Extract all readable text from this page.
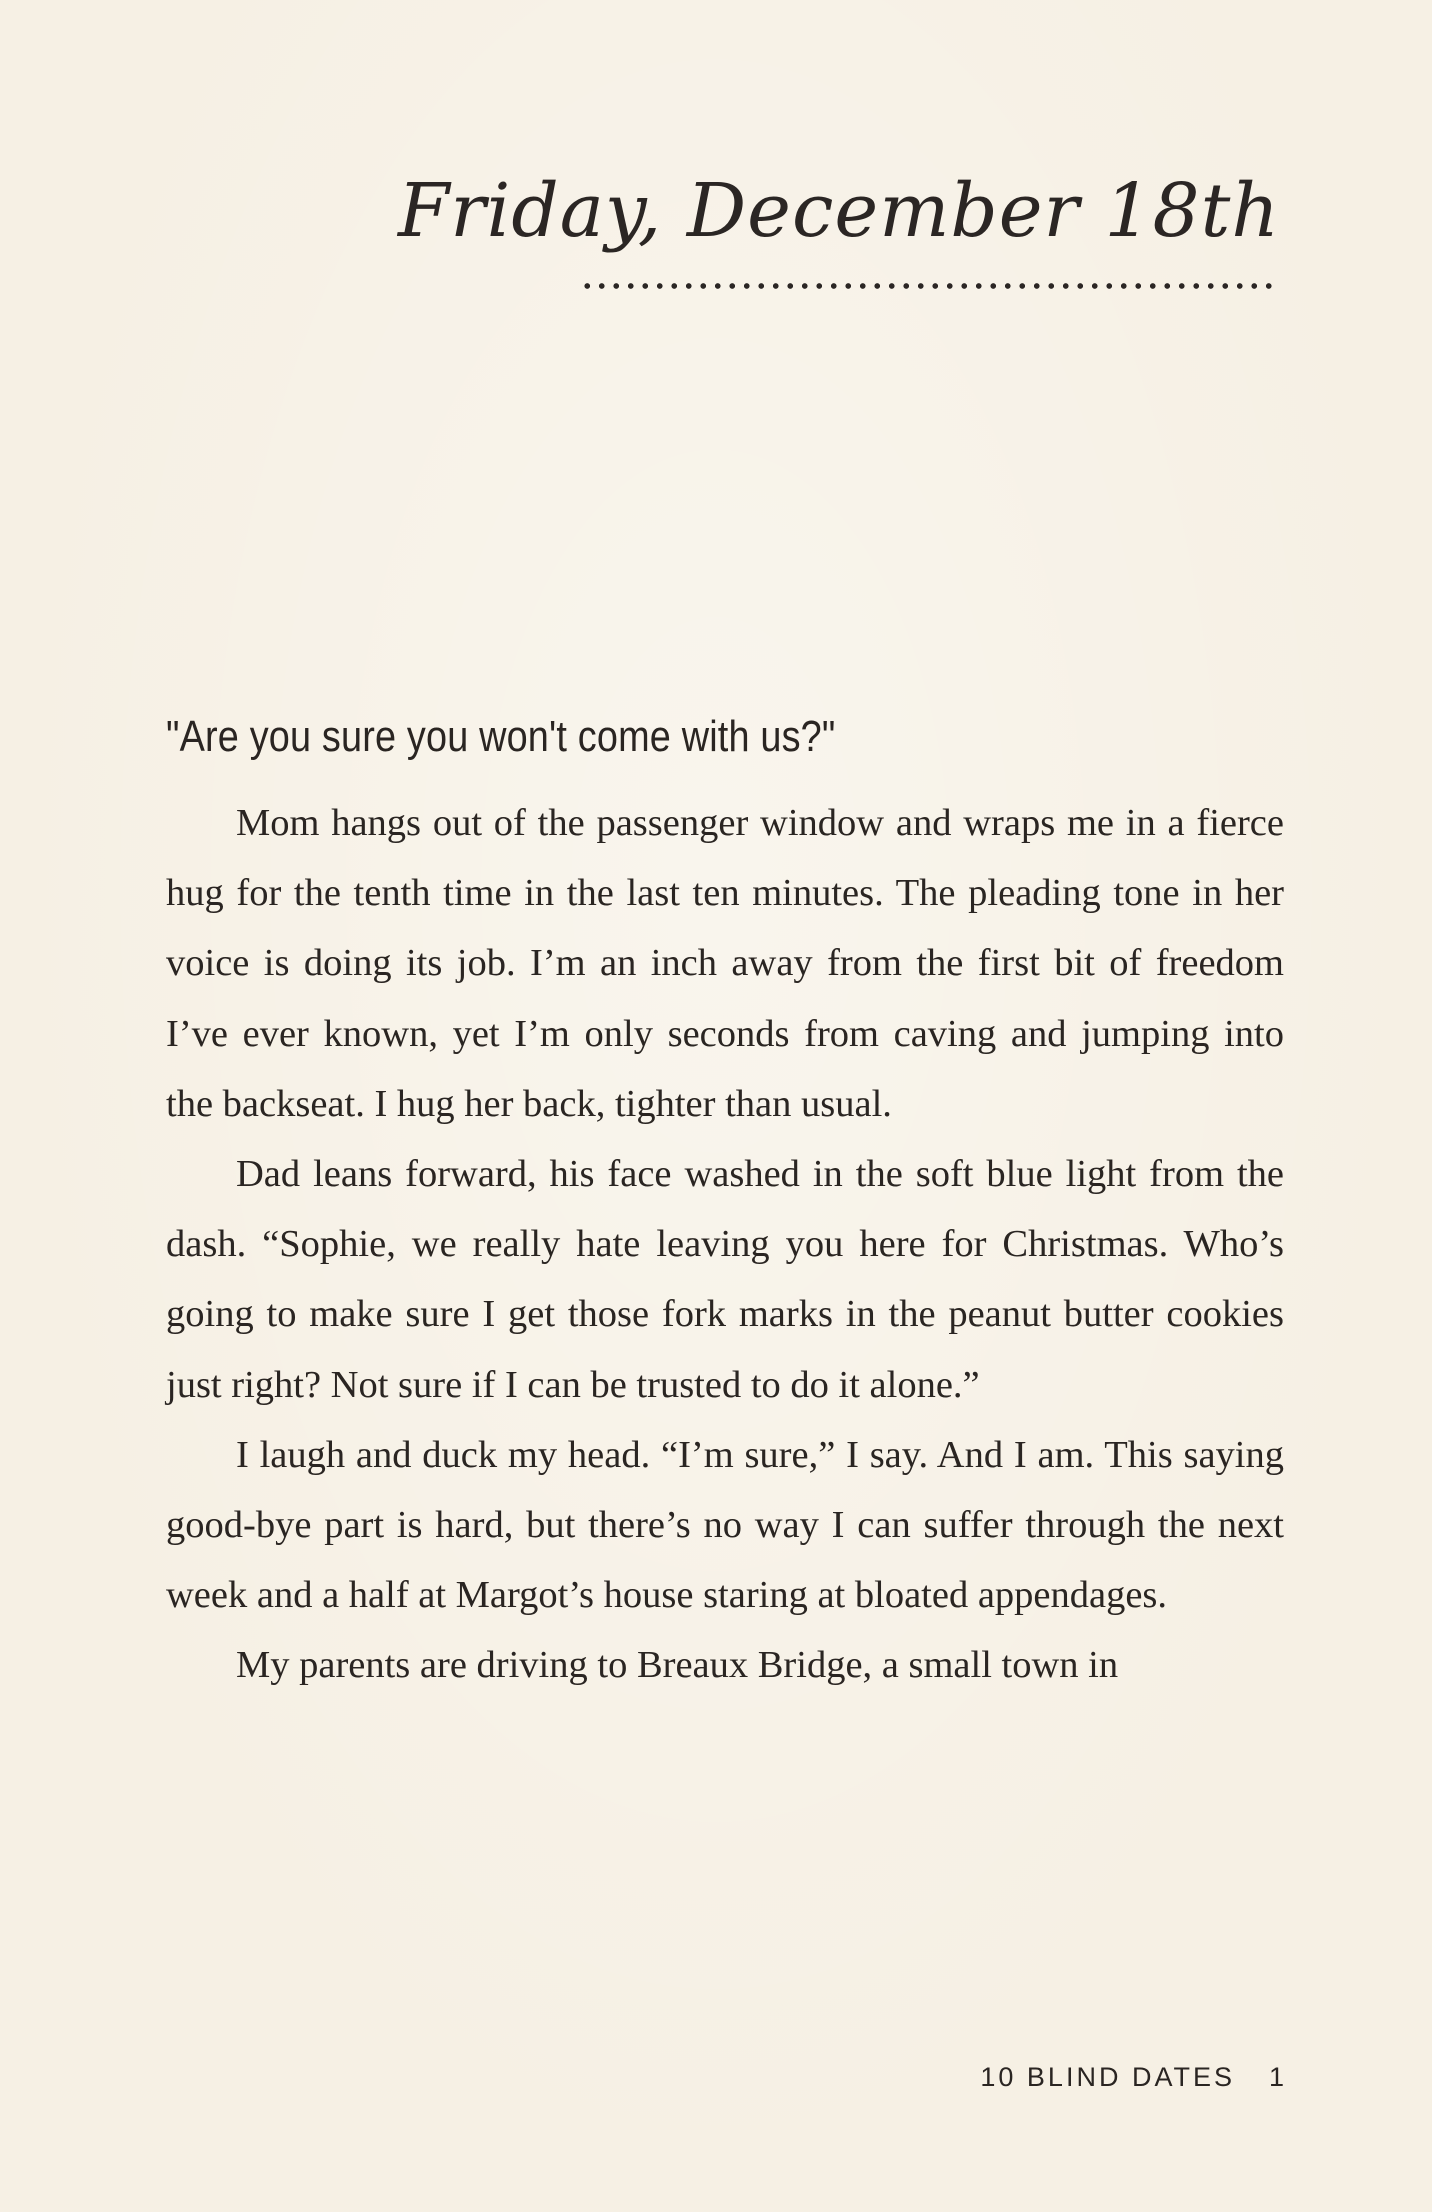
Friday, December 18th
"Are you sure you won't come with us?"

Mom hangs out of the passenger window and wraps me in a fierce hug for the tenth time in the last ten minutes. The pleading tone in her voice is doing its job. I’m an inch away from the first bit of freedom I’ve ever known, yet I’m only seconds from caving and jumping into the backseat. I hug her back, tighter than usual.

Dad leans forward, his face washed in the soft blue light from the dash. “Sophie, we really hate leaving you here for Christmas. Who’s going to make sure I get those fork marks in the peanut butter cookies just right? Not sure if I can be trusted to do it alone.”

I laugh and duck my head. “I’m sure,” I say. And I am. This saying good-bye part is hard, but there’s no way I can suffer through the next week and a half at Margot’s house staring at bloated appendages.

My parents are driving to Breaux Bridge, a small town in

10 BLIND DATES 1
